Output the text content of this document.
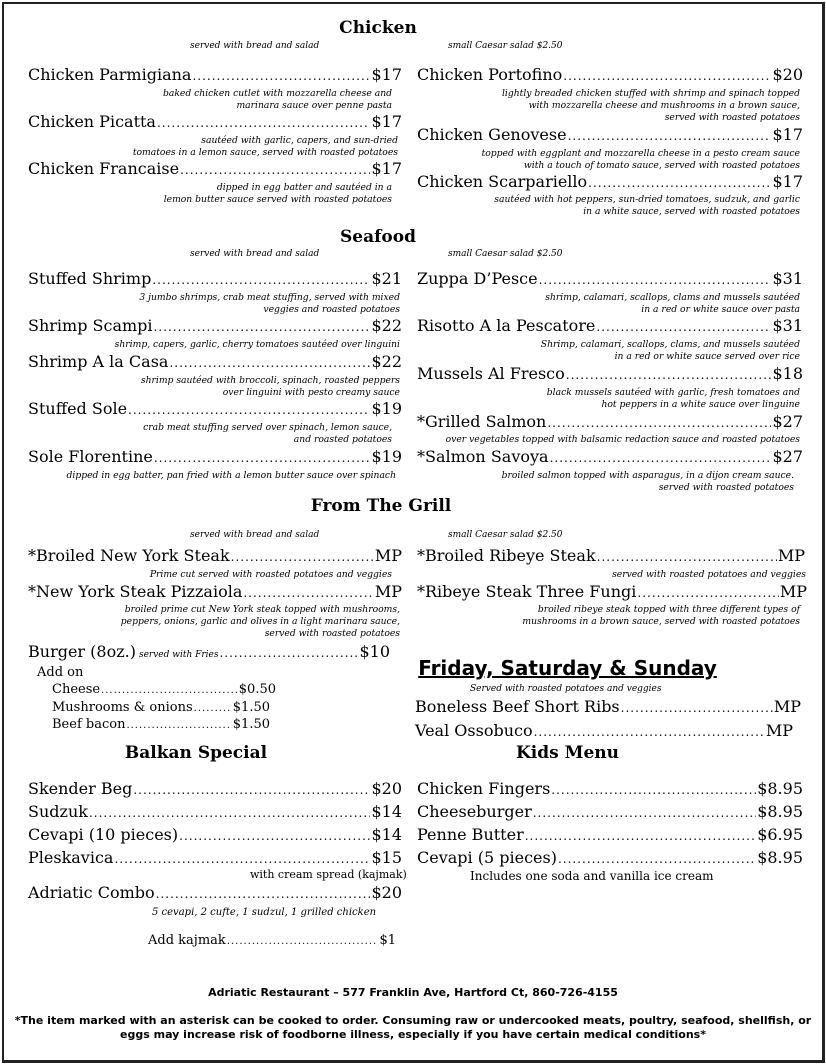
Chicken
served with bread and salad	small Caesar salad $2.50
Chicken Parmigiana .....	$17
baked chicken cutlet with mozzarella cheese and
marinara sauce over penne pasta
Chicken Picatta .....	$17
sautéed with garlic, capers, and sun-dried
tomatoes in a lemon sauce, served with roasted potatoes
Chicken Francaise .....	$17
dipped in egg batter and sautéed in a
lemon butter sauce served with roasted potatoes
Chicken Portofino .....	$20
lightly breaded chicken stuffed with shrimp and spinach topped
with mozzarella cheese and mushrooms in a brown sauce,
served with roasted potatoes
Chicken Genovese .....	$17
topped with eggplant and mozzarella cheese in a pesto cream sauce
with a touch of tomato sauce, served with roasted potatoes
Chicken Scarpariello .....	$17
sautéed with hot peppers, sun-dried tomatoes, sudzuk, and garlic
in a white sauce, served with roasted potatoes
Seafood
served with bread and salad	small Caesar salad $2.50
Stuffed Shrimp .....	$21
3 jumbo shrimps, crab meat stuffing, served with mixed
veggies and roasted potatoes
Shrimp Scampi .....	$22
shrimp, capers, garlic, cherry tomatoes sautéed over linguini
Shrimp A la Casa .....	$22
shrimp sautéed with broccoli, spinach, roasted peppers
over linguini with pesto creamy sauce
Stuffed Sole .....	$19
crab meat stuffing served over spinach, lemon sauce,
and roasted potatoes
Sole Florentine .....	$19
dipped in egg batter, pan fried with a lemon butter sauce over spinach
Zuppa D’Pesce .....	$31
shrimp, calamari, scallops, clams and mussels sautéed
in a red or white sauce over pasta
Risotto A la Pescatore .....	$31
Shrimp, calamari, scallops, clams, and mussels sautéed
in a red or white sauce served over rice
Mussels Al Fresco .....	$18
black mussels sautéed with garlic, fresh tomatoes and
hot peppers in a white sauce over linguine
*Grilled Salmon .....	$27
over vegetables topped with balsamic redaction sauce and roasted potatoes
*Salmon Savoya .....	$27
broiled salmon topped with asparagus, in a dijon cream sauce.
served with roasted potatoes
From The Grill
served with bread and salad	small Caesar salad $2.50
*Broiled New York Steak .....	MP
Prime cut served with roasted potatoes and veggies
*New York Steak Pizzaiola .....	MP
broiled prime cut New York steak topped with mushrooms,
peppers, onions, garlic and olives in a light marinara sauce,
served with roasted potatoes
Burger (8oz.) served with Fries .....	$10
Add on
Cheese .....	$0.50
Mushrooms & onions .....	$1.50
Beef bacon .....	$1.50
*Broiled Ribeye Steak .....	MP
served with roasted potatoes and veggies
*Ribeye Steak Three Fungi .....	MP
broiled ribeye steak topped with three different types of
mushrooms in a brown sauce, served with roasted potatoes
Friday, Saturday & Sunday
Served with roasted potatoes and veggies
Boneless Beef Short Ribs .....	MP
Veal Ossobuco .....	MP
Balkan Special
Skender Beg .....	$20
Sudzuk .....	$14
Cevapi (10 pieces) .....	$14
Pleskavica .....	$15
with cream spread (kajmak)
Adriatic Combo .....	$20
5 cevapi, 2 cufte, 1 sudzul, 1 grilled chicken
Add kajmak .....	$1
Kids Menu
Chicken Fingers .....	$8.95
Cheeseburger .....	$8.95
Penne Butter .....	$6.95
Cevapi (5 pieces) .....	$8.95
Includes one soda and vanilla ice cream
Adriatic Restaurant – 577 Franklin Ave, Hartford Ct, 860-726-4155
*The item marked with an asterisk can be cooked to order. Consuming raw or undercooked meats, poultry, seafood, shellfish, or
eggs may increase risk of foodborne illness, especially if you have certain medical conditions*
